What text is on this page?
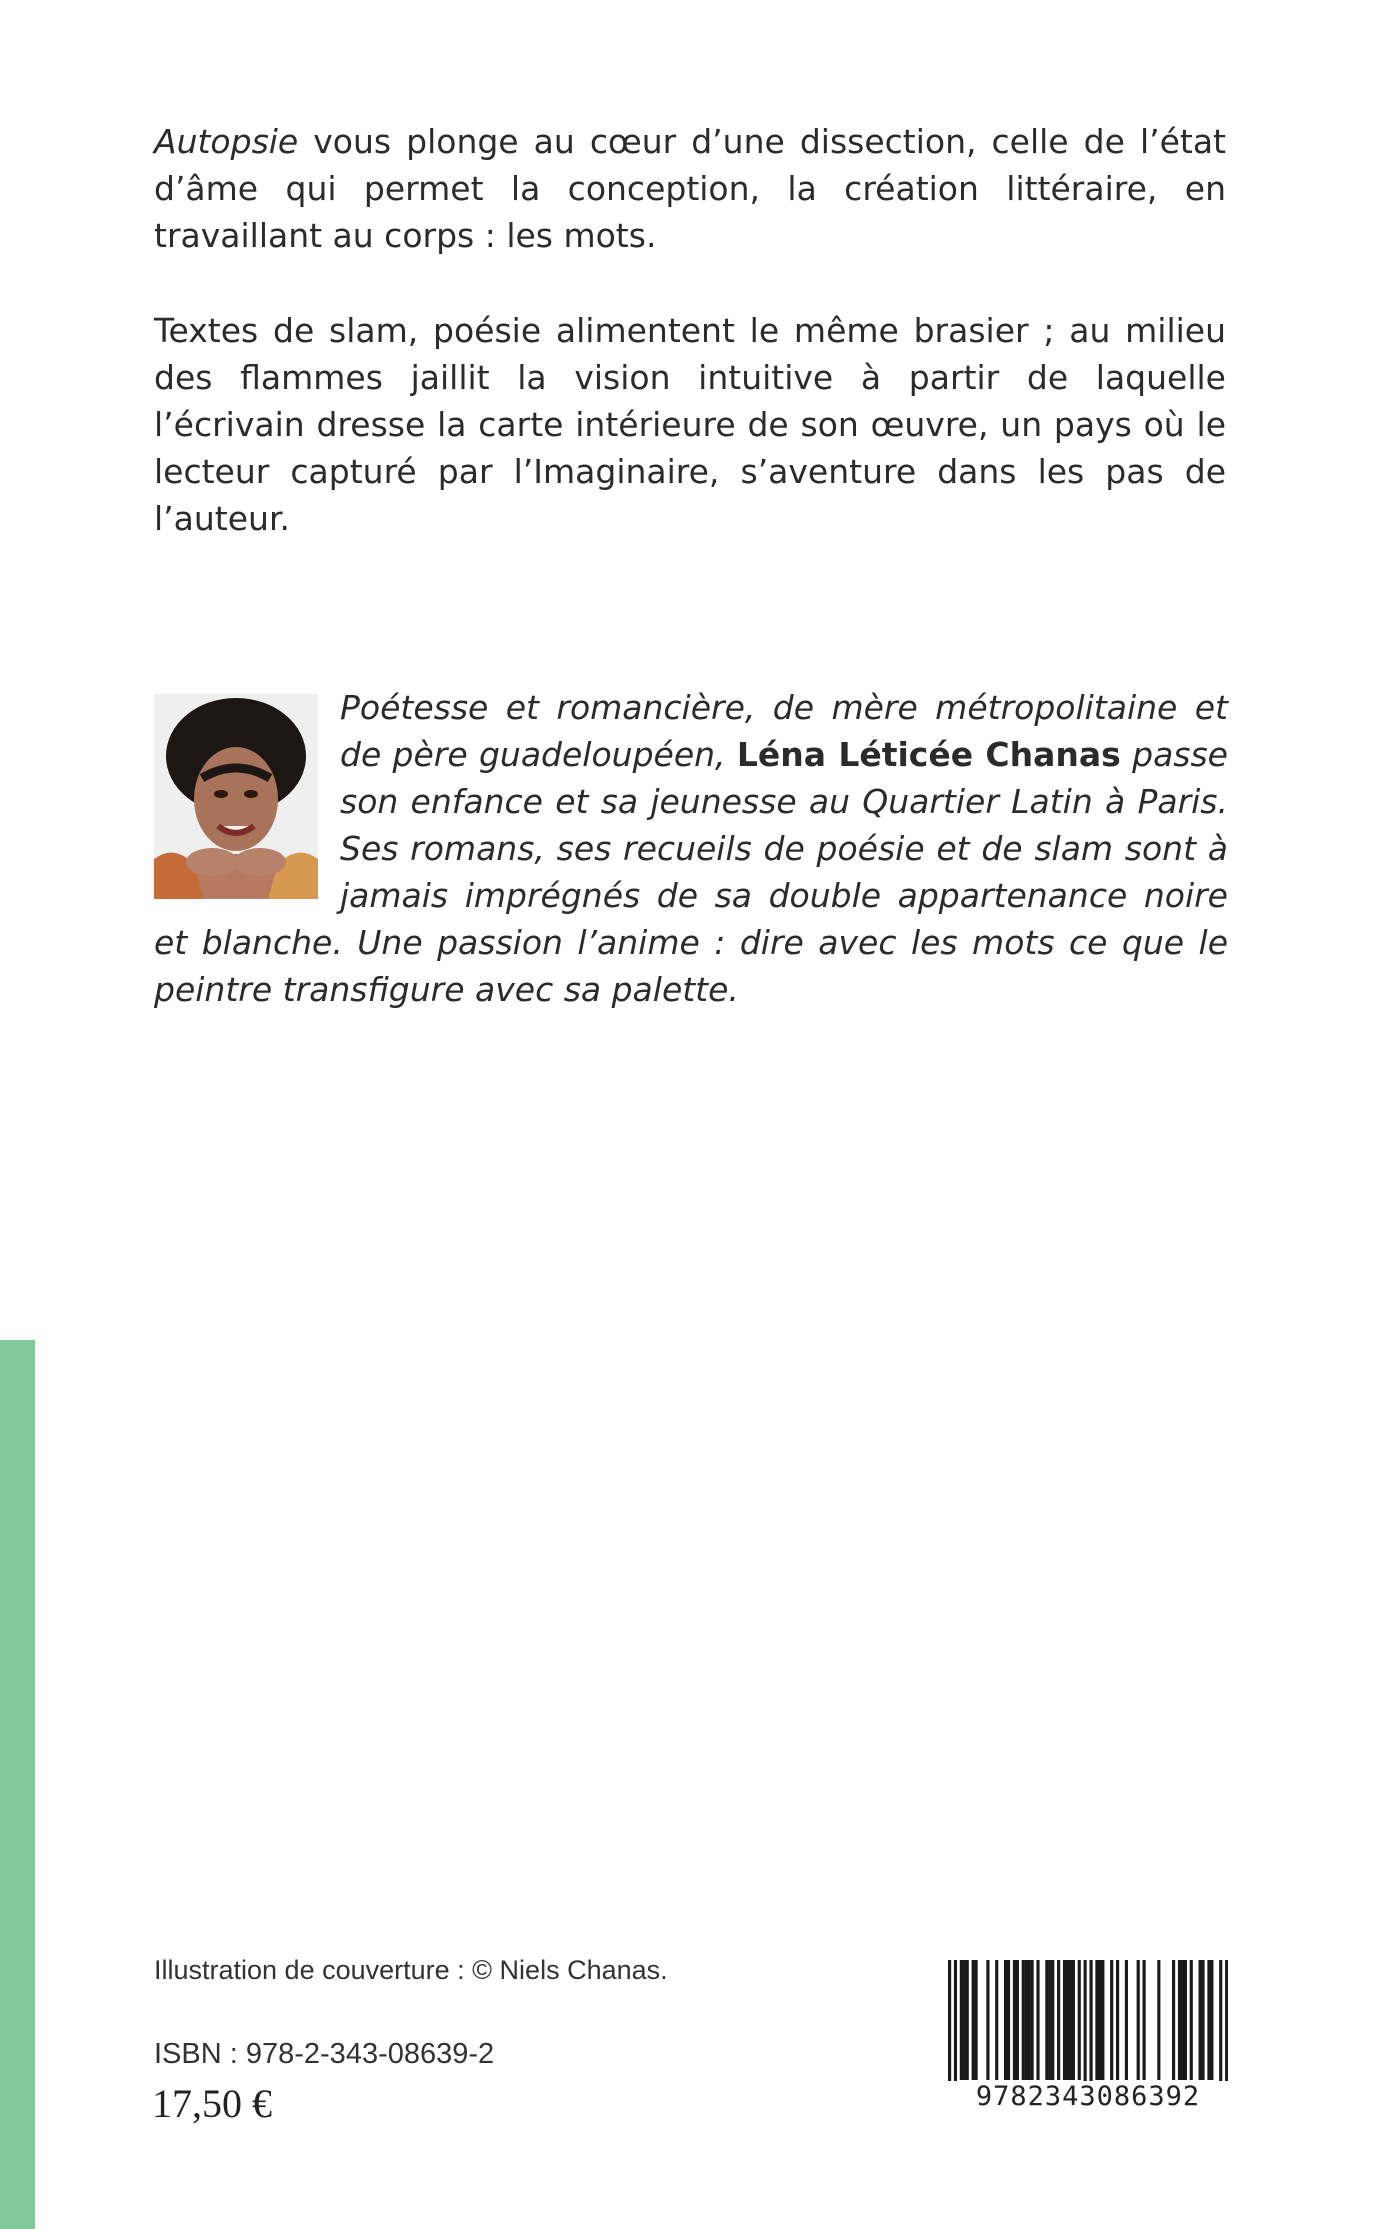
Autopsie vous plonge au cœur d’une dissection, celle de l’état d’âme qui permet la conception, la création littéraire, en travaillant au corps : les mots.

Textes de slam, poésie alimentent le même brasier ; au milieu des flammes jaillit la vision intuitive à partir de laquelle l’écrivain dresse la carte intérieure de son œuvre, un pays où le lecteur capturé par l’Imaginaire, s’aventure dans les pas de l’auteur.

Poétesse et romancière, de mère métropolitaine et de père guadeloupéen, Léna Léticée Chanas passe son enfance et sa jeunesse au Quartier Latin à Paris. Ses romans, ses recueils de poésie et de slam sont à jamais imprégnés de sa double appartenance noire et blanche. Une passion l’anime : dire avec les mots ce que le peintre transfigure avec sa palette.

Illustration de couverture : © Niels Chanas.
ISBN : 978-2-343-08639-2
17,50 €	9782343086392
